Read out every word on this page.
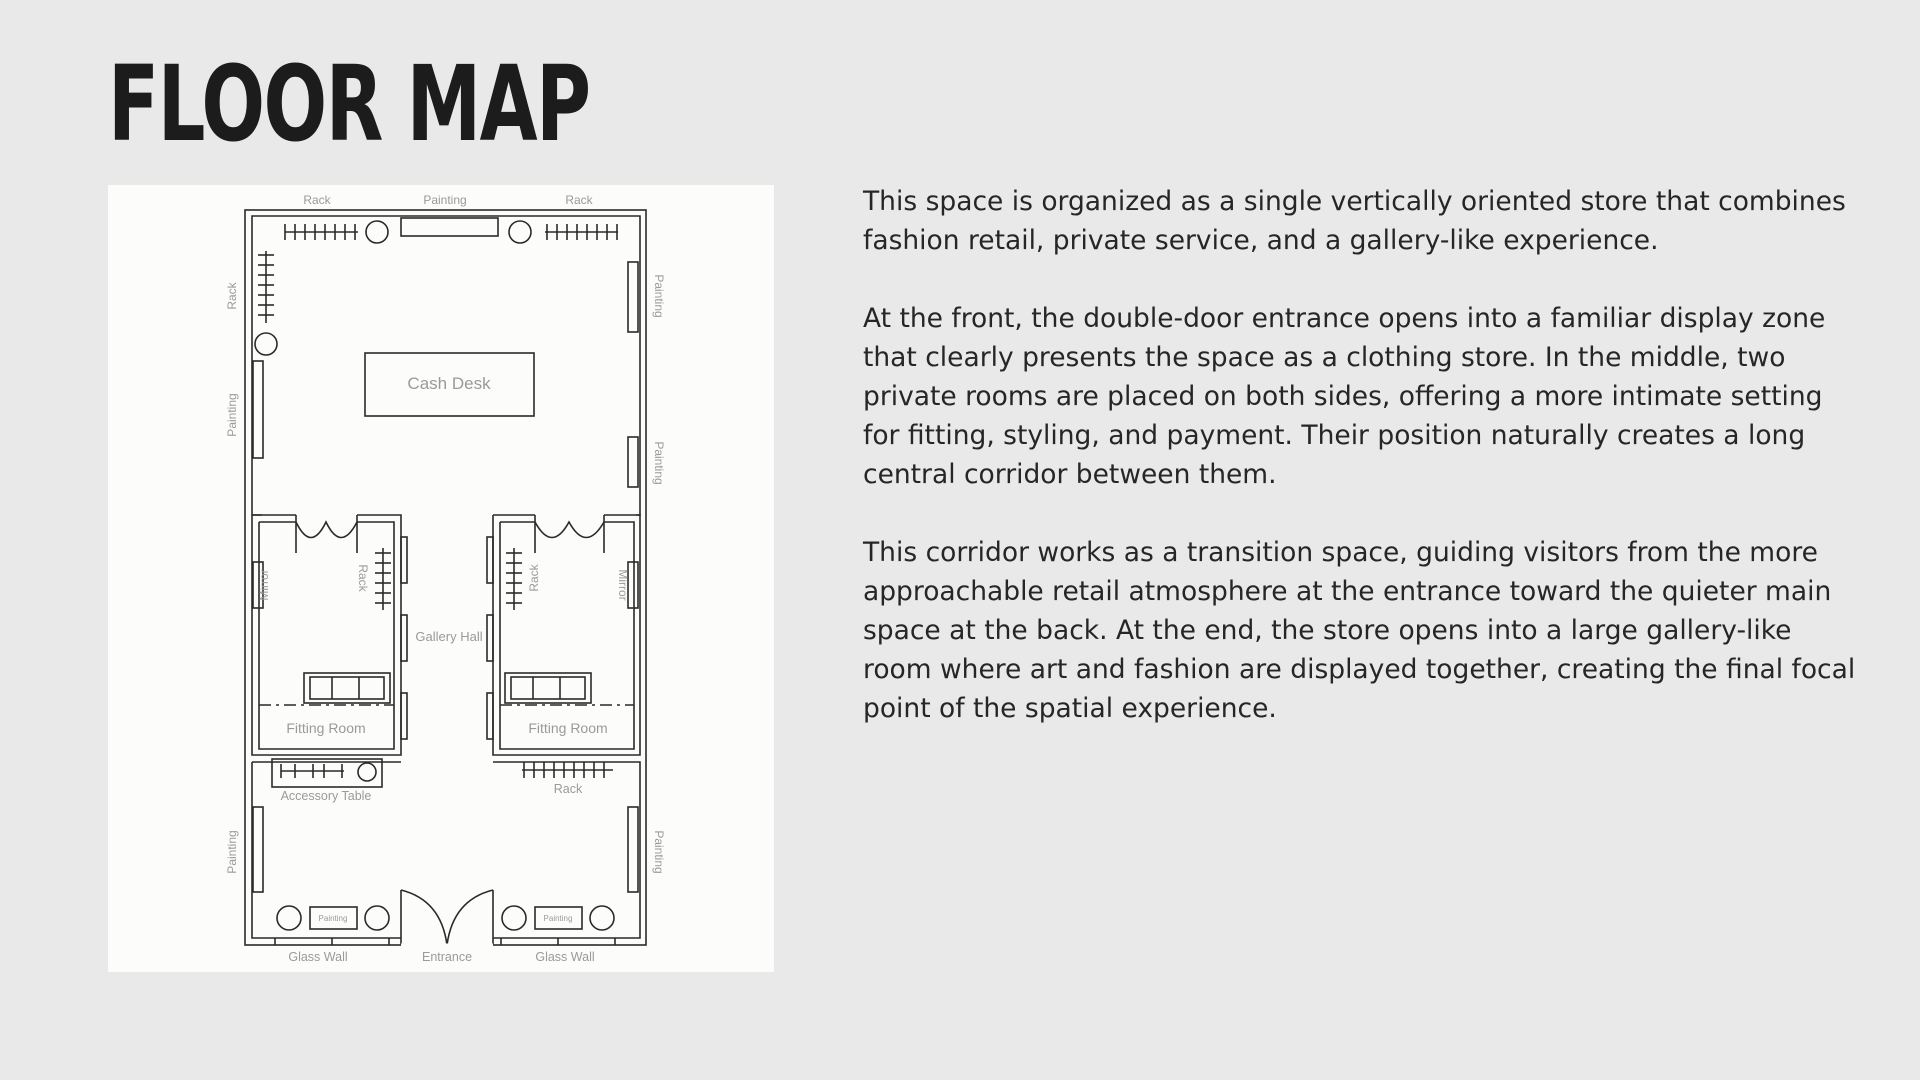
FLOOR MAP
Rack	Painting	Rack
Rack
Painting
Painting
Painting
Cash Desk
Mirror	Rack
Gallery Hall
Rack	Mirror
Fitting Room	Fitting Room
Accessory Table	Rack
Painting	Painting
Painting	Painting
Glass Wall	Entrance	Glass Wall

This space is organized as a single vertically oriented store that combines fashion retail, private service, and a gallery-like experience.

At the front, the double-door entrance opens into a familiar display zone that clearly presents the space as a clothing store. In the middle, two private rooms are placed on both sides, offering a more intimate setting for fitting, styling, and payment. Their position naturally creates a long central corridor between them.

This corridor works as a transition space, guiding visitors from the more approachable retail atmosphere at the entrance toward the quieter main space at the back. At the end, the store opens into a large gallery-like room where art and fashion are displayed together, creating the final focal point of the spatial experience.
